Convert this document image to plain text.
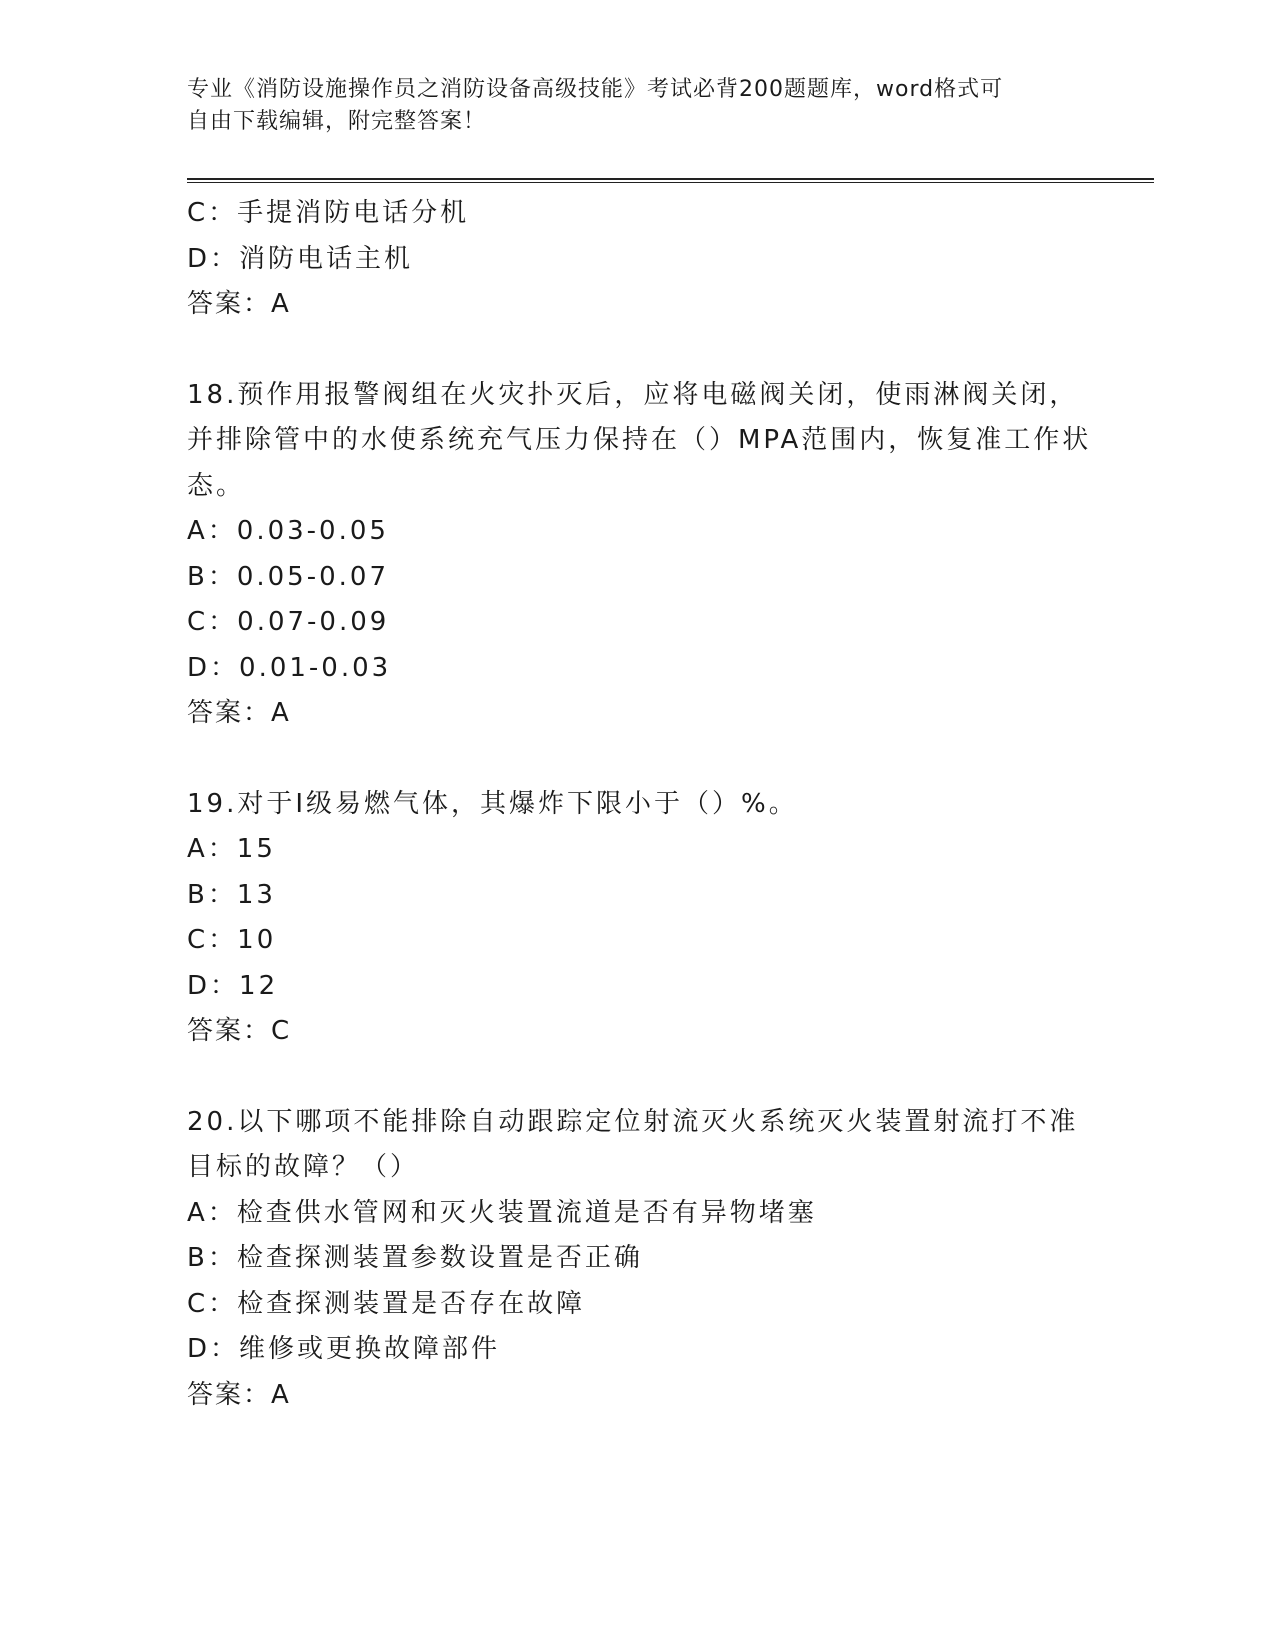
专业《消防设施操作员之消防设备高级技能》考试必背200题题库，word格式可
自由下载编辑，附完整答案！
C：手提消防电话分机
D：消防电话主机
答案：A
18.预作用报警阀组在火灾扑灭后，应将电磁阀关闭，使雨淋阀关闭，
并排除管中的水使系统充气压力保持在（）MPA范围内，恢复准工作状
态。
A：0.03-0.05
B：0.05-0.07
C：0.07-0.09
D：0.01-0.03
答案：A
19.对于Ⅰ级易燃气体，其爆炸下限小于（）%。
A：15
B：13
C：10
D：12
答案：C
20.以下哪项不能排除自动跟踪定位射流灭火系统灭火装置射流打不准
目标的故障？（）
A：检查供水管网和灭火装置流道是否有异物堵塞
B：检查探测装置参数设置是否正确
C：检查探测装置是否存在故障
D：维修或更换故障部件
答案：A
